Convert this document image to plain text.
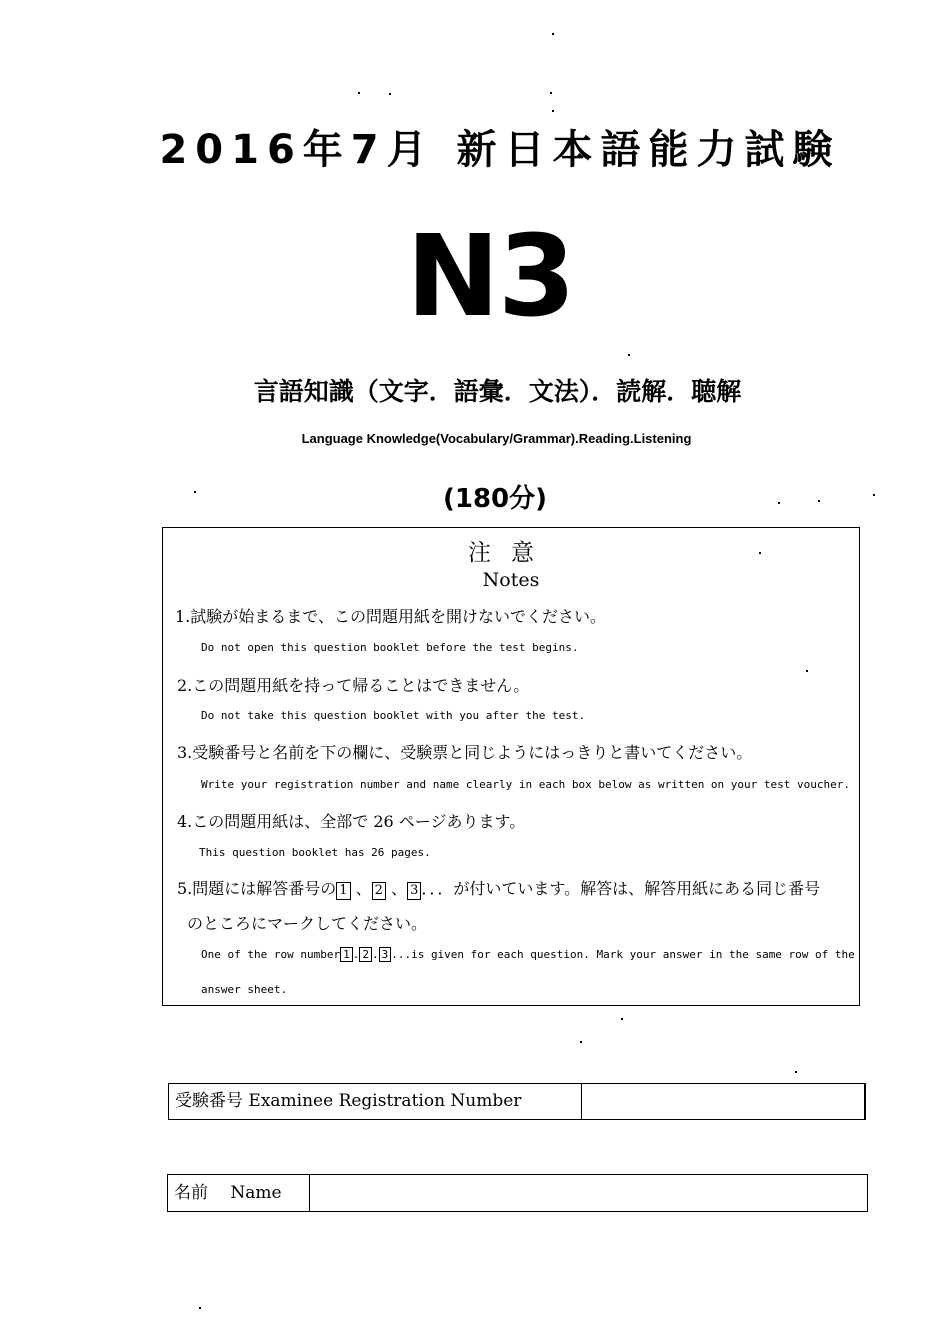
2016年7月 新日本語能力試験
N3
言語知識（文字．語彙．文法）．読解．聴解
Language Knowledge(Vocabulary/Grammar).Reading.Listening
(180分)
注意
Notes
1.試験が始まるまで、この問題用紙を開けないでください。
Do not open this question booklet before the test begins.
2.この問題用紙を持って帰ることはできません。
Do not take this question booklet with you after the test.
3.受験番号と名前を下の欄に、受験票と同じようにはっきりと書いてください。
Write your registration number and name clearly in each box below as written on your test voucher.
4.この問題用紙は、全部で 26 ページあります。
This question booklet has 26 pages.
5.問題には解答番号の 1 、 2 、 3 ．．．が付いています。解答は、解答用紙にある同じ番号
のところにマークしてください。
One of the row number 1 . 2 . 3 ...is given for each question. Mark your answer in the same row of the
answer sheet.
受験番号 Examinee Registration Number
名前　 Name
